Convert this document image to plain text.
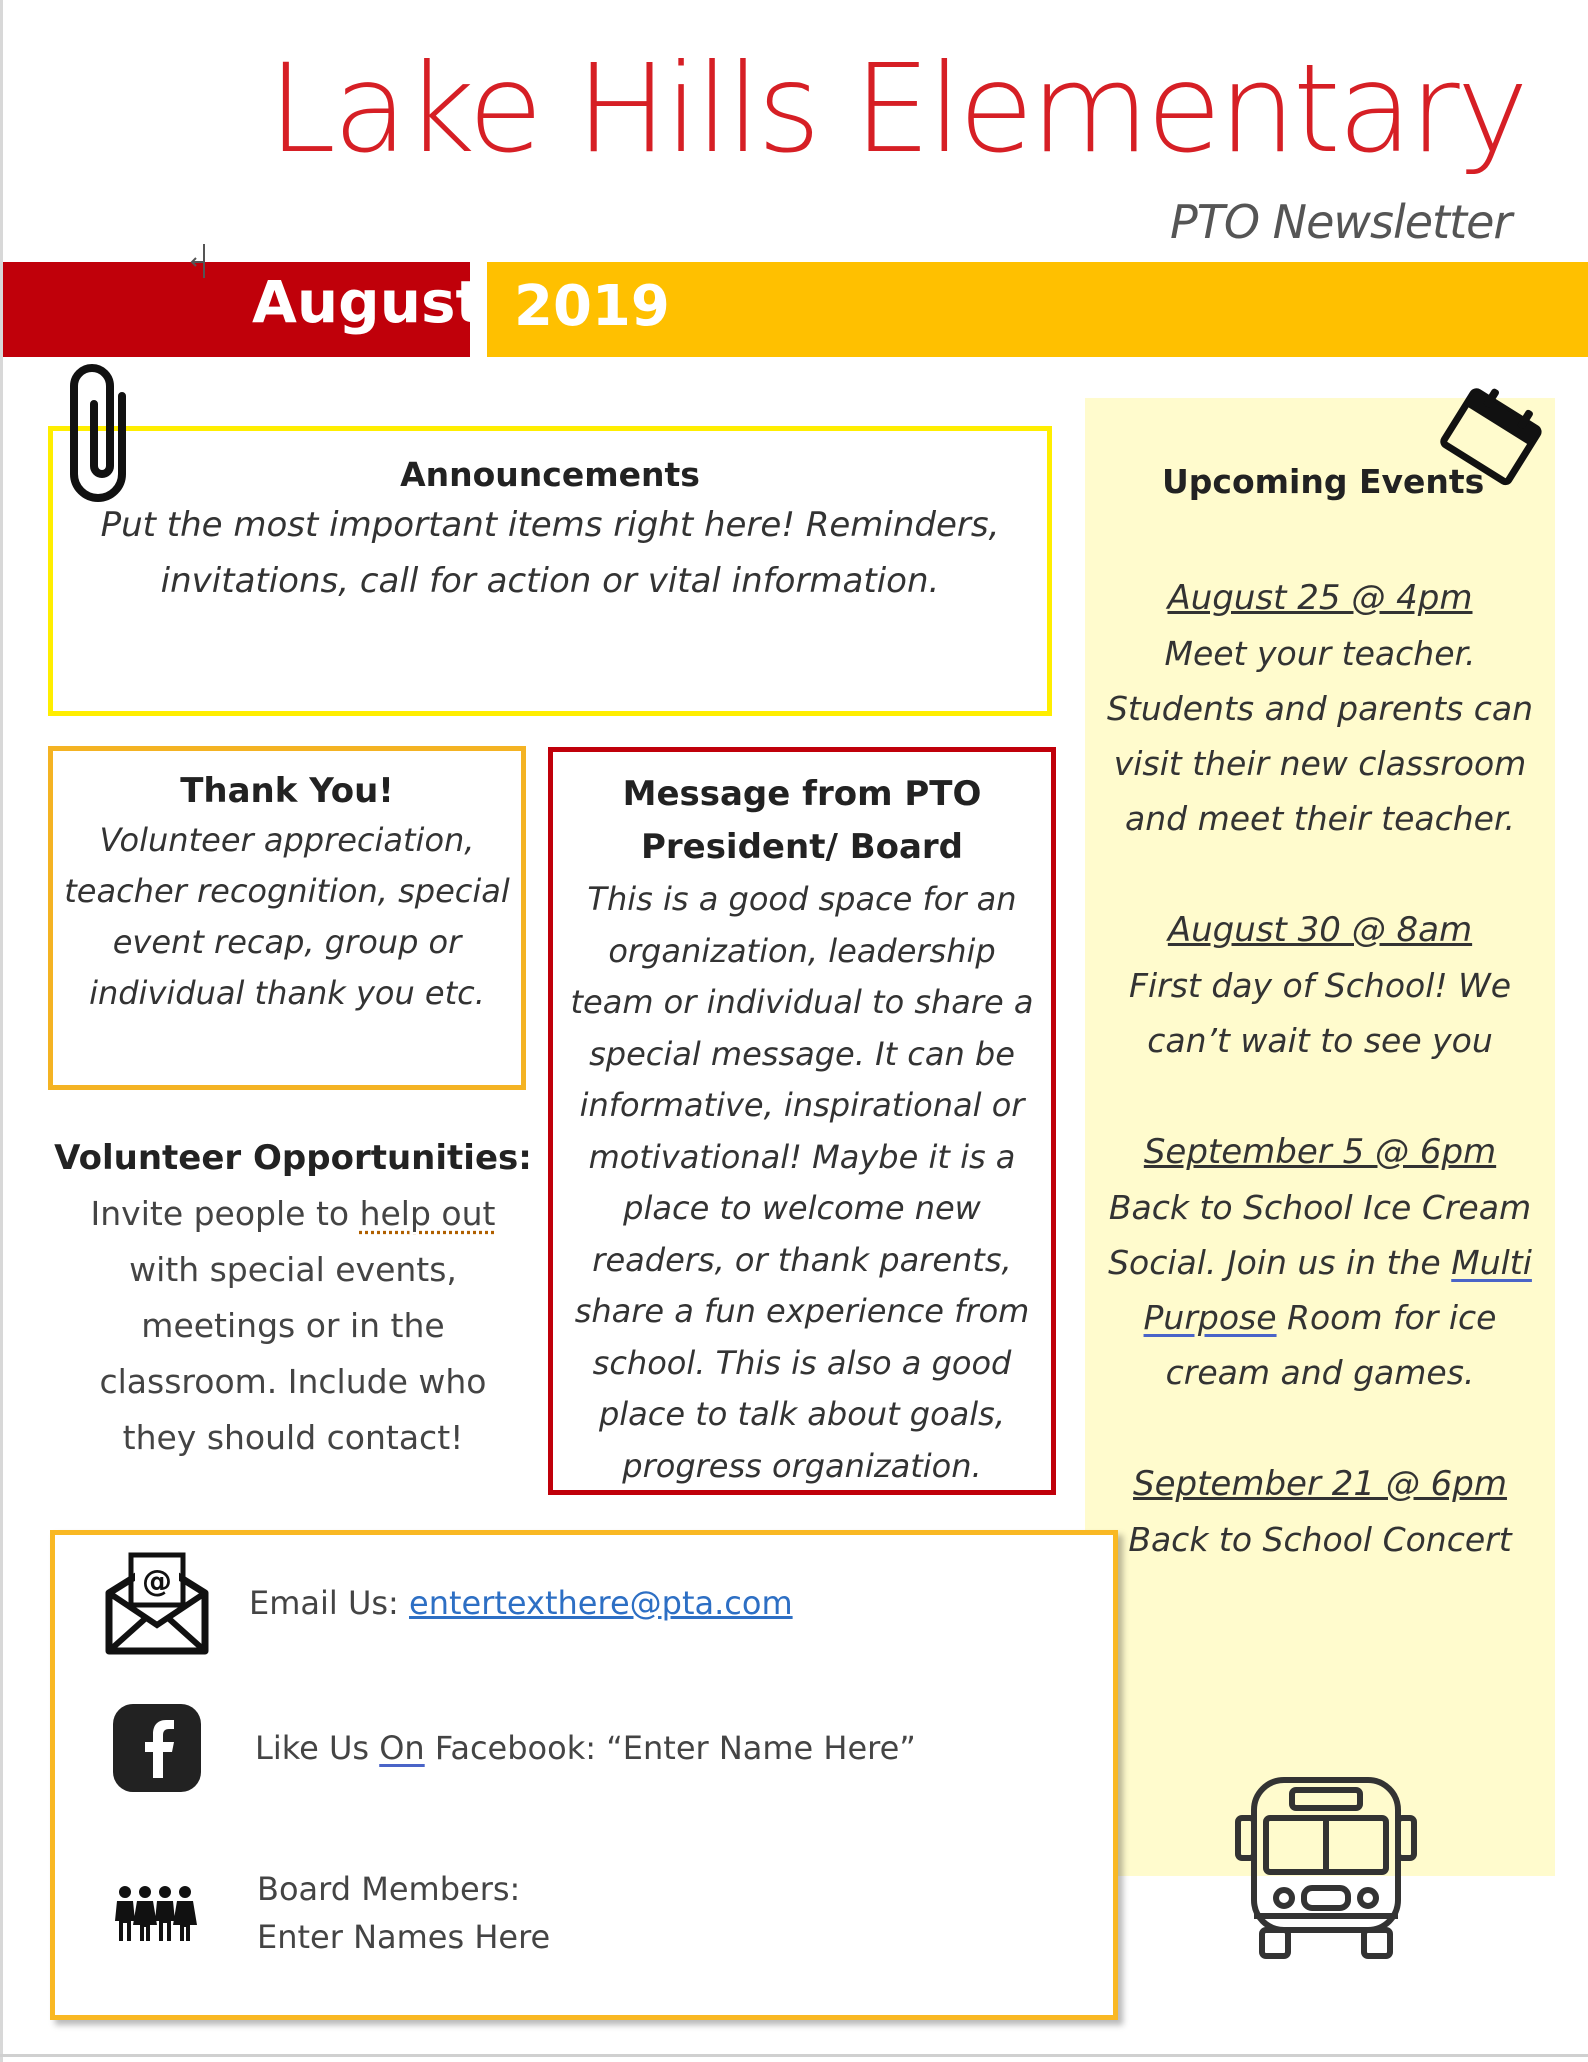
Lake Hills Elementary
PTO Newsletter
August 2019
Announcements

Put the most important items right here! Reminders, invitations, call for action or vital information.

Thank You!

Volunteer appreciation, teacher recognition, special event recap, group or individual thank you etc.

Message from PTO President/ Board

This is a good space for an organization, leadership team or individual to share a special message. It can be informative, inspirational or motivational! Maybe it is a place to welcome new readers, or thank parents, share a fun experience from school. This is also a good place to talk about goals, progress organization.

Volunteer Opportunities:

Invite people to help out with special events, meetings or in the classroom. Include who they should contact!

Upcoming Events
August 25 @ 4pm
Meet your teacher. Students and parents can visit their new classroom and meet their teacher.
August 30 @ 8am
First day of School! We can’t wait to see you
September 5 @ 6pm
Back to School Ice Cream Social. Join us in the Multi Purpose Room for ice cream and games.
September 21 @ 6pm
Back to School Concert
@
Email Us: entertexthere@pta.com
Like Us On Facebook: “Enter Name Here”
Board Members:
Enter Names Here
